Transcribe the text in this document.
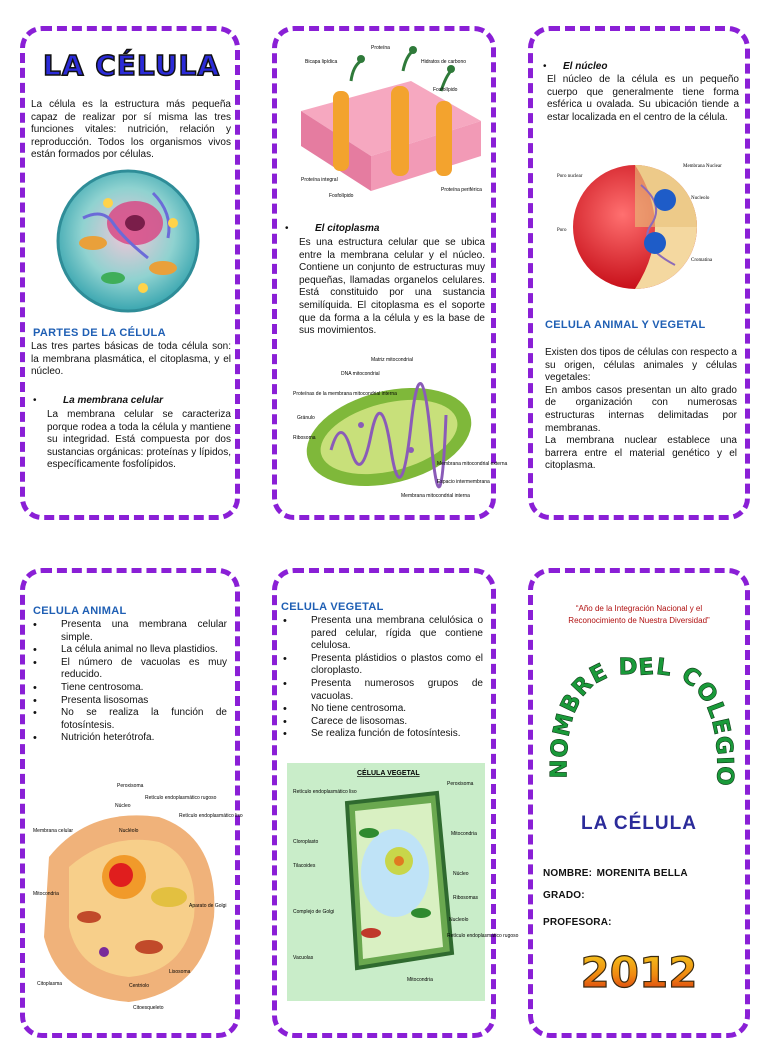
LA CÉLULA
La célula es la estructura más pequeña capaz de realizar por sí misma las tres funciones vitales: nutrición, relación y reproducción. Todos los organismos vivos están formados por células.
PARTES DE LA CÉLULA
Las tres partes básicas de toda célula son: la membrana plasmática, el citoplasma, y el núcleo.
•	La membrana celular
La membrana celular se caracteriza porque rodea a toda la célula y mantiene su integridad. Está compuesta por dos sustancias orgánicas: proteínas y lípidos, específicamente fosfolípidos.
Bicapa lipídica
Proteína
Hidratos de carbono
Fosfolípido
Proteína integral
Fosfolípido
Proteína periférica
•	El citoplasma
Es una estructura celular que se ubica entre la membrana celular y el núcleo. Contiene un conjunto de estructuras muy pequeñas, llamadas organelos celulares. Está constituido por una sustancia semilíquida. El citoplasma es el soporte que da forma a la célula y es la base de sus movimientos.
Matriz mitocondrial
DNA mitocondrial
Proteínas de la membrana mitocondrial interna
Gránulo
Ribosoma
Membrana mitocondrial externa
Espacio intermembrana
Membrana mitocondrial interna
• El núcleo
El núcleo de la célula es un pequeño cuerpo que generalmente tiene forma esférica u ovalada. Su ubicación tiende a estar localizada en el centro de la célula.
Poro nuclear
Membrana Nuclear
Nucleolo
Poro
Cromatina
CELULA ANIMAL Y VEGETAL
Existen dos tipos de células con respecto a su origen, células animales y células vegetales:
En ambos casos presentan un alto grado de organización con numerosas estructuras internas delimitadas por membranas.
La membrana nuclear establece una barrera entre el material genético y el citoplasma.
CELULA ANIMAL
• Presenta una membrana celular simple.
• La célula animal no lleva plastidios.
• El número de vacuolas es muy reducido.
• Tiene centrosoma.
• Presenta lisosomas
• No se realiza la función de fotosíntesis.
• Nutrición heterótrofa.
Peroxisoma
Núcleo
Retículo endoplasmático rugoso
Retículo endoplasmático liso
Membrana celular	Nucléolo
Mitocondria
Aparato de Golgi
Citoplasma	Centriolo
Lisosoma
Citoesqueleto
CELULA VEGETAL
• Presenta una membrana celulósica o pared celular, rígida que contiene celulosa.
• Presenta plástidios o plastos como el cloroplasto.
• Presenta numerosos grupos de vacuolas.
• No tiene centrosoma.
• Carece de lisosomas.
• Se realiza función de fotosíntesis.
CÉLULA VEGETAL
Retículo endoplasmático liso
Cloroplasto
Tilacoides
Complejo de Golgi
Vacuolas
Peroxisoma
Mitocondria
Núcleo
Ribosomas
Nucleolo
Retículo endoplasmático rugoso
Mitocondria
“Año de la Integración Nacional y el Reconocimiento de Nuestra Diversidad”
NOMBRE DEL COLEGIO
LA CÉLULA
NOMBRE: MORENITA BELLA
GRADO:
PROFESORA:
2012
